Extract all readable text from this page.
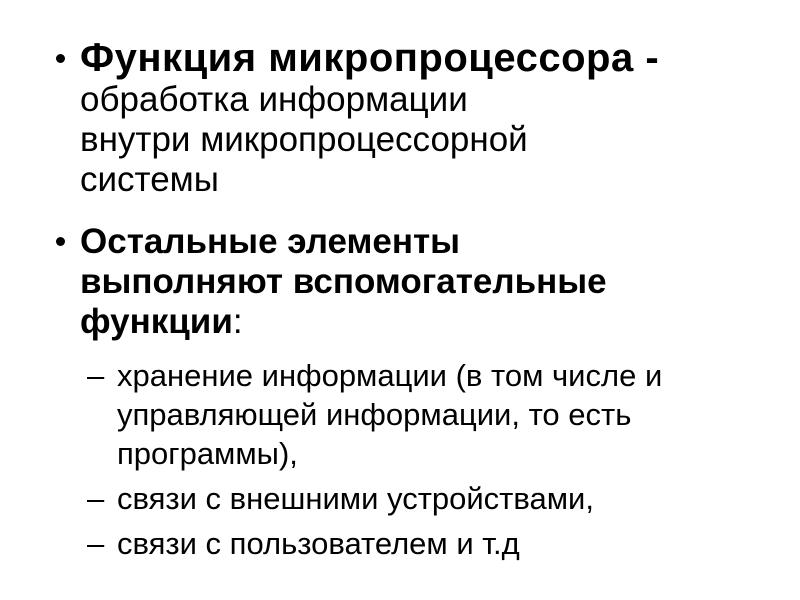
Функция микропроцессора -
обработка информации
внутри микропроцессорной
системы
Остальные элементы
выполняют вспомогательные
функции:
– хранение информации (в том числе и
управляющей информации, то есть
программы),
– связи с внешними устройствами,
– связи с пользователем и т.д
